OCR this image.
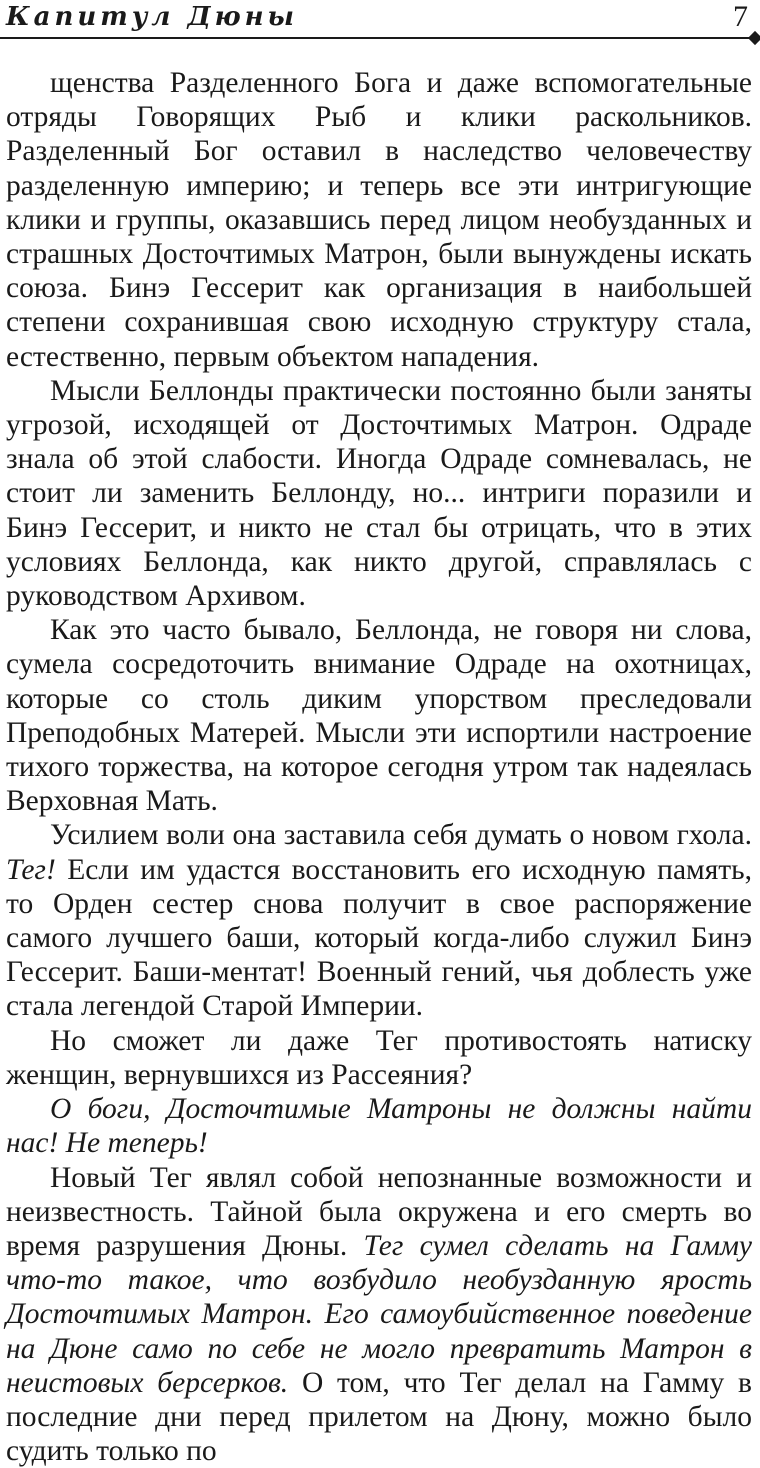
Капитул Дюны	7

щенства Разделенного Бога и даже вспомогательные отряды Говорящих Рыб и клики раскольников. Разделенный Бог оставил в наследство человечеству разделенную империю; и теперь все эти интригующие клики и группы, оказавшись перед лицом необузданных и страшных Досточтимых Матрон, были вынуждены искать союза. Бинэ Гессерит как организация в наибольшей степени сохранившая свою исходную структуру стала, естественно, первым объектом нападения.

Мысли Беллонды практически постоянно были заняты угрозой, исходящей от Досточтимых Матрон. Одраде знала об этой слабости. Иногда Одраде сомневалась, не стоит ли заменить Беллонду, но... интриги поразили и Бинэ Гессерит, и никто не стал бы отрицать, что в этих условиях Беллонда, как никто другой, справлялась с руководством Архивом.

Как это часто бывало, Беллонда, не говоря ни слова, сумела сосредоточить внимание Одраде на охотницах, которые со столь диким упорством преследовали Преподобных Матерей. Мысли эти испортили настроение тихого торжества, на которое сегодня утром так надеялась Верховная Мать.

Усилием воли она заставила себя думать о новом гхола. Тег! Если им удастся восстановить его исходную память, то Орден сестер снова получит в свое распоряжение самого лучшего баши, который когда-либо служил Бинэ Гессерит. Баши-ментат! Военный гений, чья доблесть уже стала легендой Старой Империи.

Но сможет ли даже Тег противостоять натиску женщин, вернувшихся из Рассеяния?

О боги, Досточтимые Матроны не должны найти нас! Не теперь!

Новый Тег являл собой непознанные возможности и неизвестность. Тайной была окружена и его смерть во время разрушения Дюны. Тег сумел сделать на Гамму что-то такое, что возбудило необузданную ярость Досточтимых Матрон. Его самоубийственное поведение на Дюне само по себе не могло превратить Матрон в неистовых берсерков. О том, что Тег делал на Гамму в последние дни перед прилетом на Дюну, можно было судить только по
